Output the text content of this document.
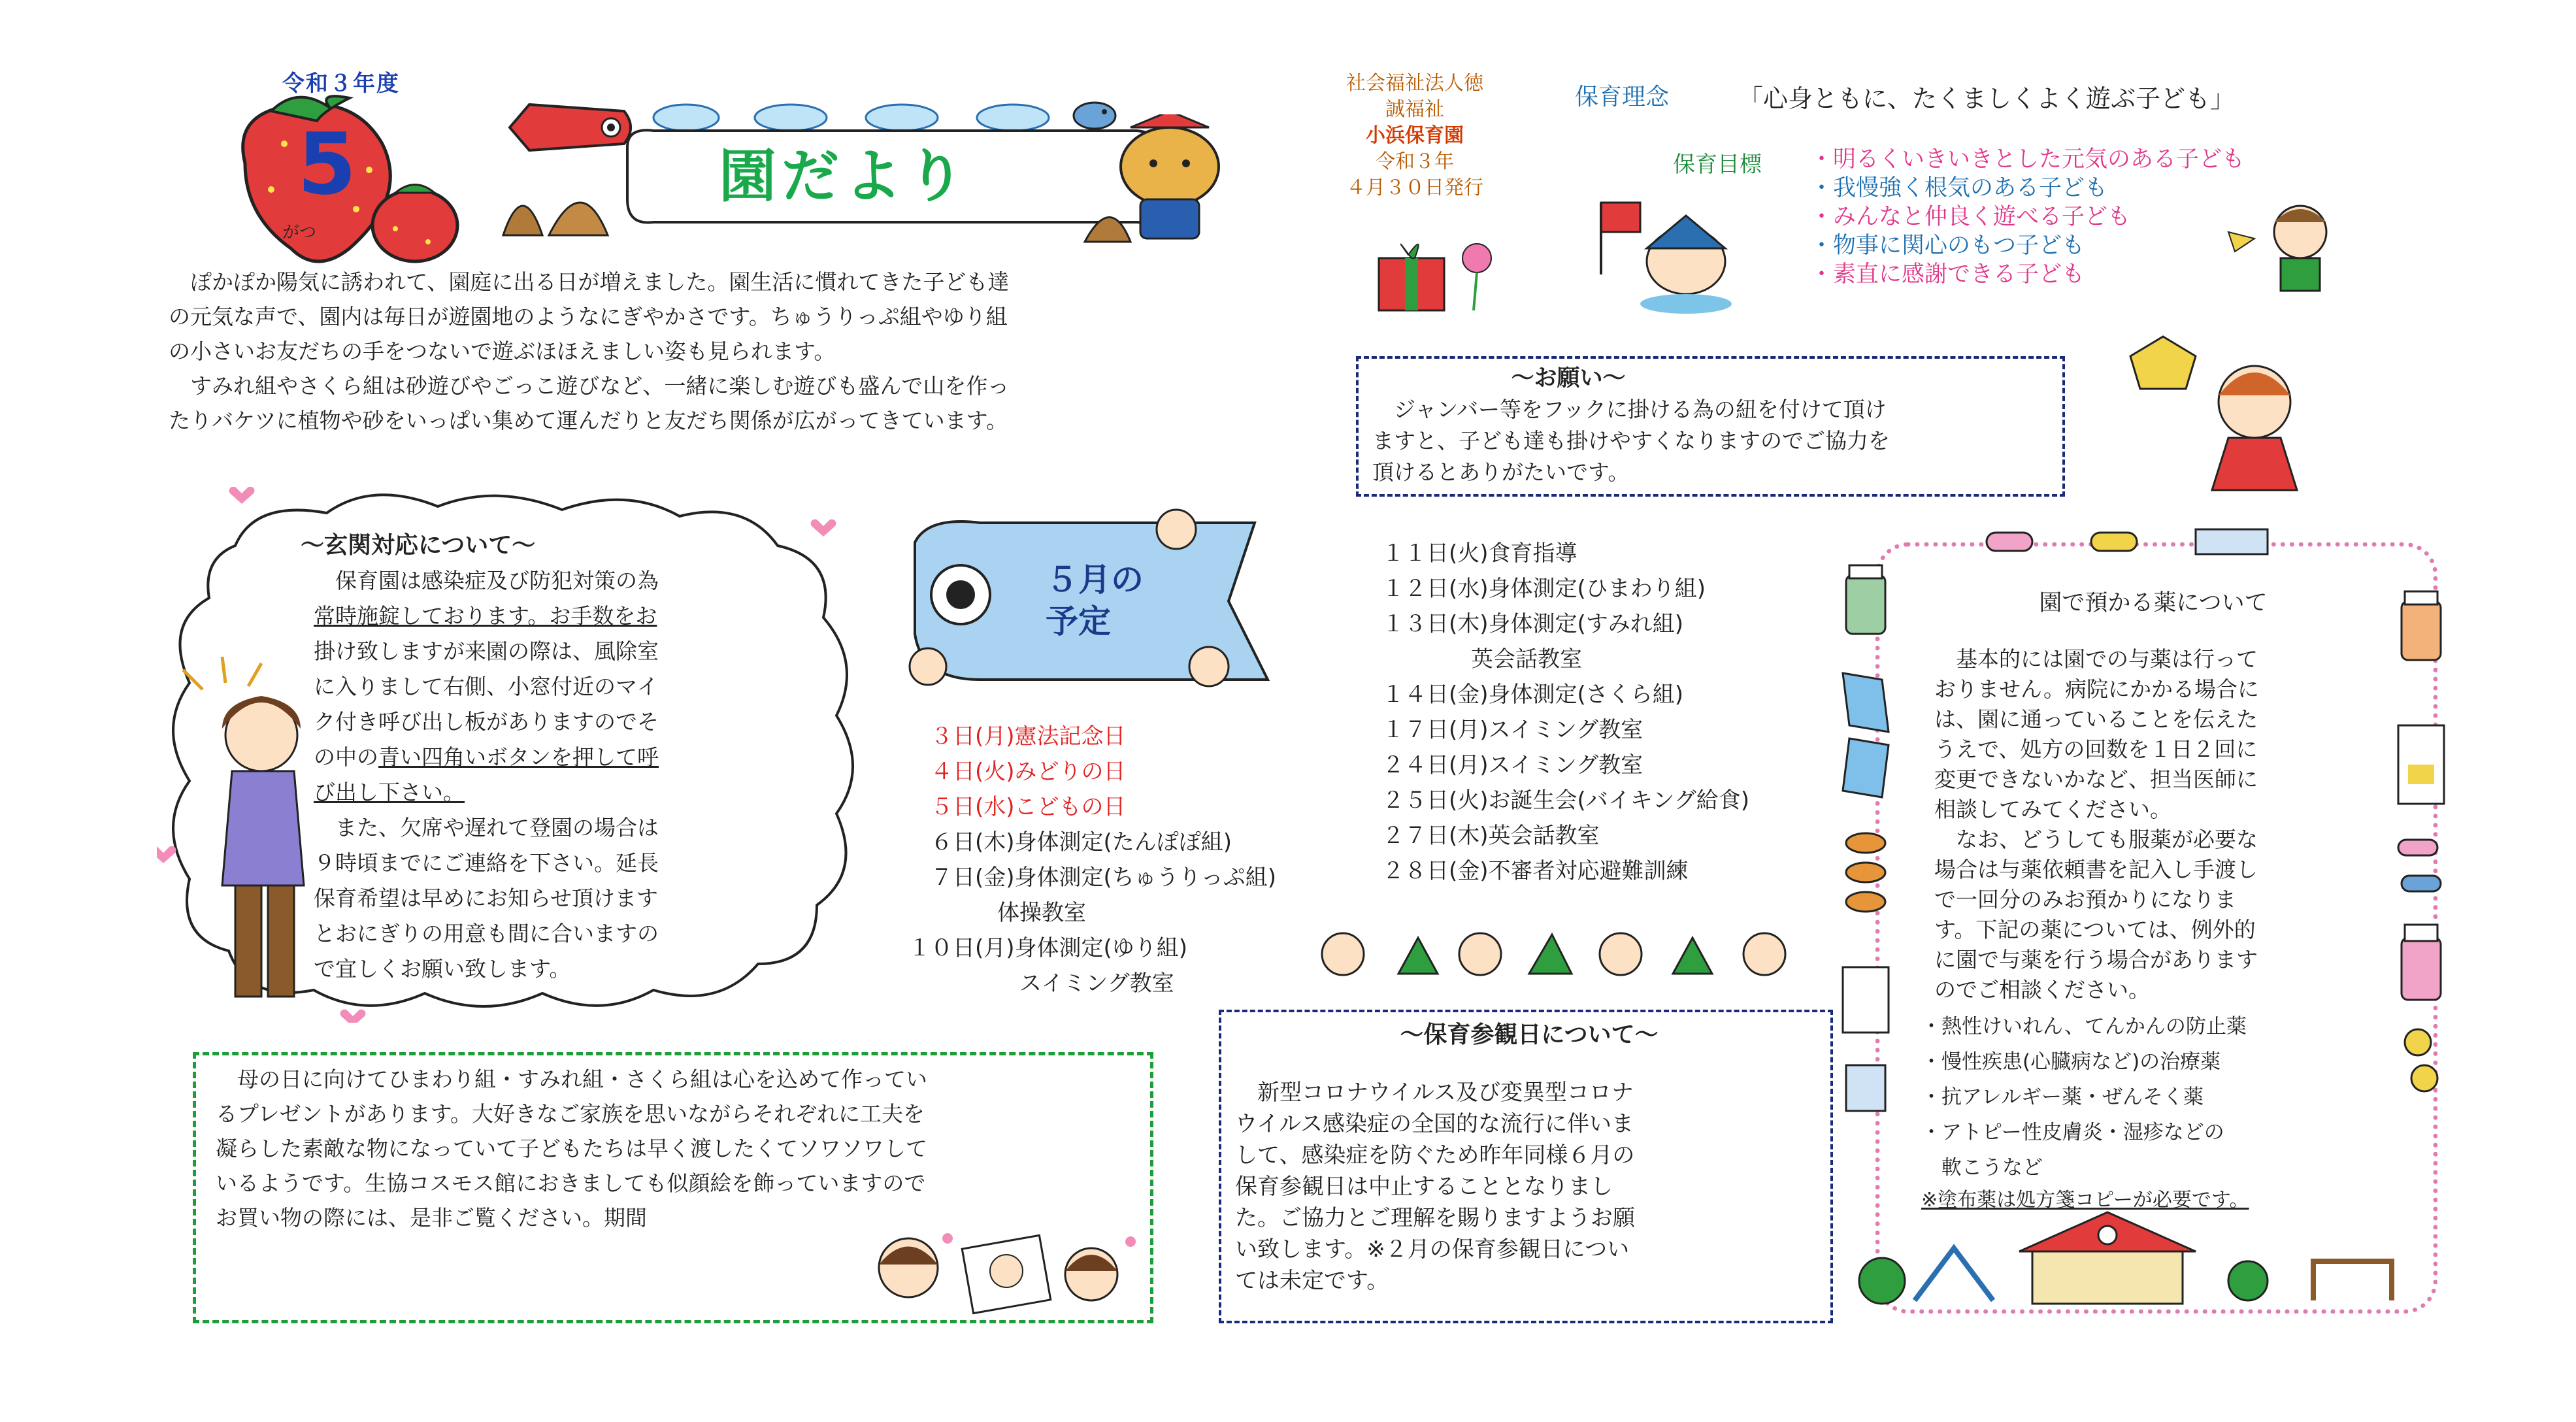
令和３年度
5
がつ
園だより
社会福祉法人徳
誠福祉
小浜保育園
令和３年
４月３０日発行
保育理念	「心身ともに、たくましくよく遊ぶ子ども」
保育目標 ・明るくいきいきとした元気のある子ども
・我慢強く根気のある子ども
・みんなと仲良く遊べる子ども
・物事に関心のもつ子ども
・素直に感謝できる子ども
　ぽかぽか陽気に誘われて、園庭に出る日が増えました。園生活に慣れてきた子ども達
の元気な声で、園内は毎日が遊園地のようなにぎやかさです。ちゅうりっぷ組やゆり組
の小さいお友だちの手をつないで遊ぶほほえましい姿も見られます。
　すみれ組やさくら組は砂遊びやごっこ遊びなど、一緒に楽しむ遊びも盛んで山を作っ
たりバケツに植物や砂をいっぱい集めて運んだりと友だち関係が広がってきています。
～お願い～
　ジャンバー等をフックに掛ける為の紐を付けて頂け
ますと、子ども達も掛けやすくなりますのでご協力を
頂けるとありがたいです。
～玄関対応について～
　保育園は感染症及び防犯対策の為
常時施錠しております。お手数をお
掛け致しますが来園の際は、風除室
に入りまして右側、小窓付近のマイ
ク付き呼び出し板がありますのでそ
の中の青い四角いボタンを押して呼
び出し下さい。
　また、欠席や遅れて登園の場合は
９時頃までにご連絡を下さい。延長
保育希望は早めにお知らせ頂けます
とおにぎりの用意も間に合いますの
で宜しくお願い致します。
５月の
予定
　３日(月)憲法記念日
　４日(火)みどりの日
　５日(水)こどもの日
　６日(木)身体測定(たんぽぽ組)
　７日(金)身体測定(ちゅうりっぷ組)
　　　　体操教室
１０日(月)身体測定(ゆり組)
　　　　　スイミング教室
１１日(火)食育指導
１２日(水)身体測定(ひまわり組)
１３日(木)身体測定(すみれ組)
　　　　英会話教室
１４日(金)身体測定(さくら組)
１７日(月)スイミング教室
２４日(月)スイミング教室
２５日(火)お誕生会(バイキング給食)
２７日(木)英会話教室
２８日(金)不審者対応避難訓練
園で預かる薬について
　基本的には園での与薬は行って
おりません。病院にかかる場合に
は、園に通っていることを伝えた
うえで、処方の回数を１日２回に
変更できないかなど、担当医師に
相談してみてください。
　なお、どうしても服薬が必要な
場合は与薬依頼書を記入し手渡し
で一回分のみお預かりになりま
す。下記の薬については、例外的
に園で与薬を行う場合があります
のでご相談ください。
・熱性けいれん、てんかんの防止薬
・慢性疾患(心臓病など)の治療薬
・抗アレルギー薬・ぜんそく薬
・アトピー性皮膚炎・湿疹などの
　軟こうなど
※塗布薬は処方箋コピーが必要です。
　母の日に向けてひまわり組・すみれ組・さくら組は心を込めて作ってい
るプレゼントがあります。大好きなご家族を思いながらそれぞれに工夫を
凝らした素敵な物になっていて子どもたちは早く渡したくてソワソワして
いるようです。生協コスモス館におきましても似顔絵を飾っていますので
お買い物の際には、是非ご覧ください。期間
～保育参観日について～
　新型コロナウイルス及び変異型コロナ
ウイルス感染症の全国的な流行に伴いま
して、感染症を防ぐため昨年同様６月の
保育参観日は中止することとなりまし
た。ご協力とご理解を賜りますようお願
い致します。※２月の保育参観日につい
ては未定です。
